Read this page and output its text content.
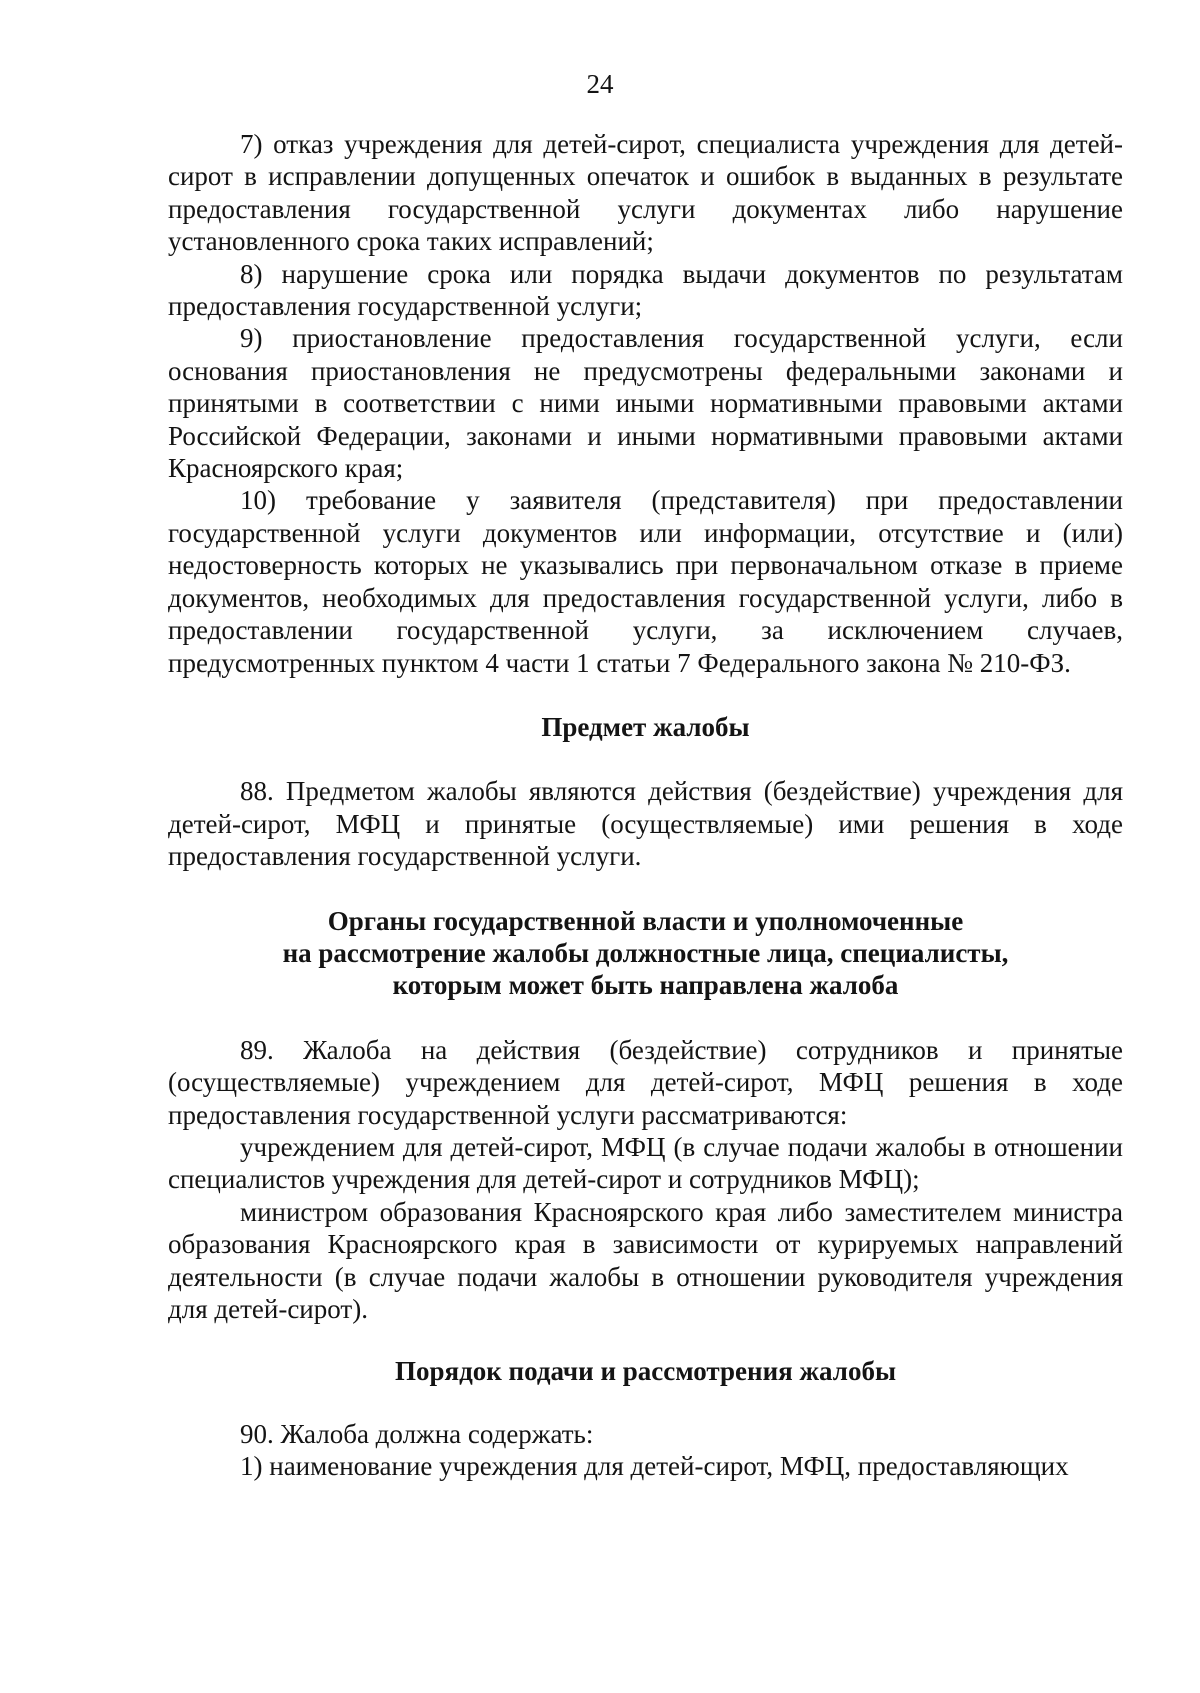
24

7) отказ учреждения для детей-сирот, специалиста учреждения для детей-сирот в исправлении допущенных опечаток и ошибок в выданных в результате предоставления государственной услуги документах либо нарушение установленного срока таких исправлений;

8) нарушение срока или порядка выдачи документов по результатам предоставления государственной услуги;

9) приостановление предоставления государственной услуги, если основания приостановления не предусмотрены федеральными законами и принятыми в соответствии с ними иными нормативными правовыми актами Российской Федерации, законами и иными нормативными правовыми актами Красноярского края;

10) требование у заявителя (представителя) при предоставлении государственной услуги документов или информации, отсутствие и (или) недостоверность которых не указывались при первоначальном отказе в приеме документов, необходимых для предоставления государственной услуги, либо в предоставлении государственной услуги, за исключением случаев, предусмотренных пунктом 4 части 1 статьи 7 Федерального закона № 210-ФЗ.

Предмет жалобы

88. Предметом жалобы являются действия (бездействие) учреждения для детей-сирот, МФЦ и принятые (осуществляемые) ими решения в ходе предоставления государственной услуги.

Органы государственной власти и уполномоченные
на рассмотрение жалобы должностные лица, специалисты,
которым может быть направлена жалоба

89. Жалоба на действия (бездействие) сотрудников и принятые (осуществляемые) учреждением для детей-сирот, МФЦ решения в ходе предоставления государственной услуги рассматриваются:

учреждением для детей-сирот, МФЦ (в случае подачи жалобы в отношении специалистов учреждения для детей-сирот и сотрудников МФЦ);

министром образования Красноярского края либо заместителем министра образования Красноярского края в зависимости от курируемых направлений деятельности (в случае подачи жалобы в отношении руководителя учреждения для детей-сирот).

Порядок подачи и рассмотрения жалобы

90. Жалоба должна содержать:

1) наименование учреждения для детей-сирот, МФЦ, предоставляющих
